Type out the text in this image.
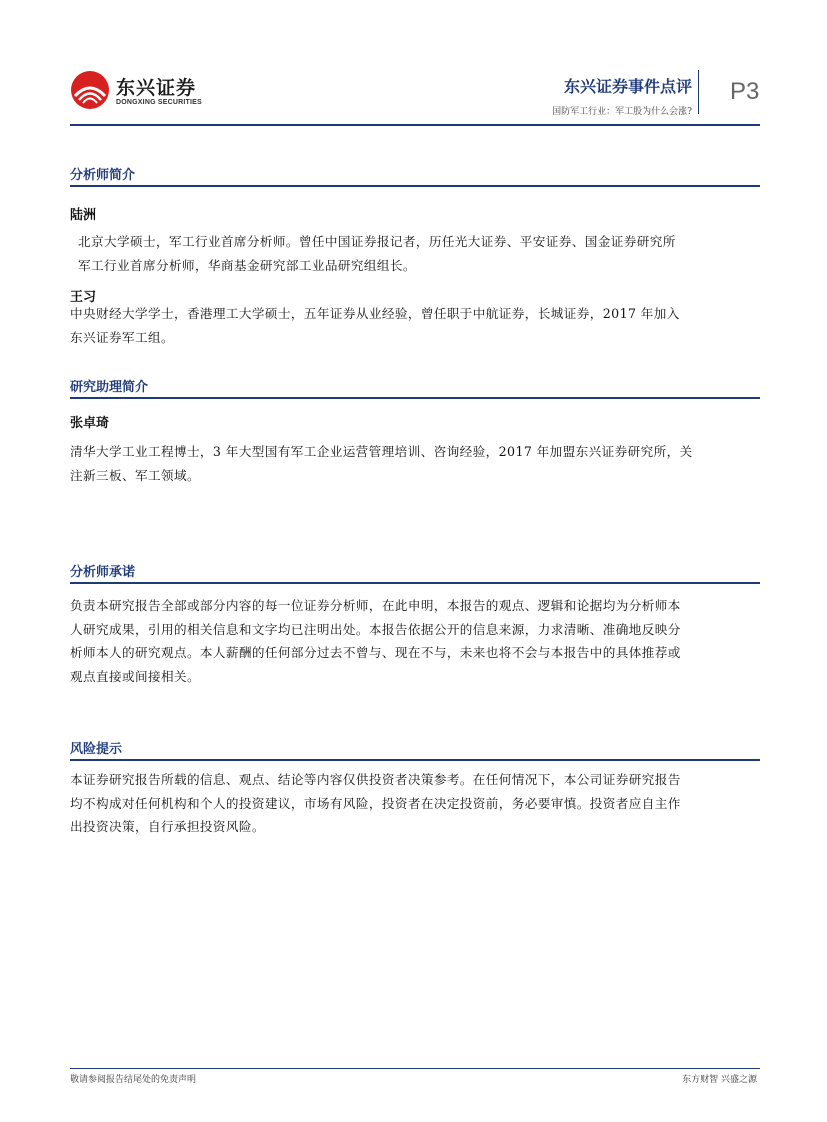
东兴证券
DONGXING SECURITIES
东兴证券事件点评
国防军工行业：军工股为什么会涨?
P3
分析师简介
陆洲
北京大学硕士，军工行业首席分析师。曾任中国证券报记者，历任光大证券、平安证券、国金证券研究所
军工行业首席分析师，华商基金研究部工业品研究组组长。
王习
中央财经大学学士，香港理工大学硕士，五年证券从业经验，曾任职于中航证券，长城证券，2017 年加入
东兴证券军工组。
研究助理简介
张卓琦
清华大学工业工程博士，3 年大型国有军工企业运营管理培训、咨询经验，2017 年加盟东兴证券研究所，关
注新三板、军工领域。
分析师承诺
负责本研究报告全部或部分内容的每一位证券分析师，在此申明，本报告的观点、逻辑和论据均为分析师本
人研究成果，引用的相关信息和文字均已注明出处。本报告依据公开的信息来源，力求清晰、准确地反映分
析师本人的研究观点。本人薪酬的任何部分过去不曾与、现在不与，未来也将不会与本报告中的具体推荐或
观点直接或间接相关。
风险提示
本证券研究报告所载的信息、观点、结论等内容仅供投资者决策参考。在任何情况下，本公司证券研究报告
均不构成对任何机构和个人的投资建议，市场有风险，投资者在决定投资前，务必要审慎。投资者应自主作
出投资决策，自行承担投资风险。
敬请参阅报告结尾处的免责声明	东方财智 兴盛之源
